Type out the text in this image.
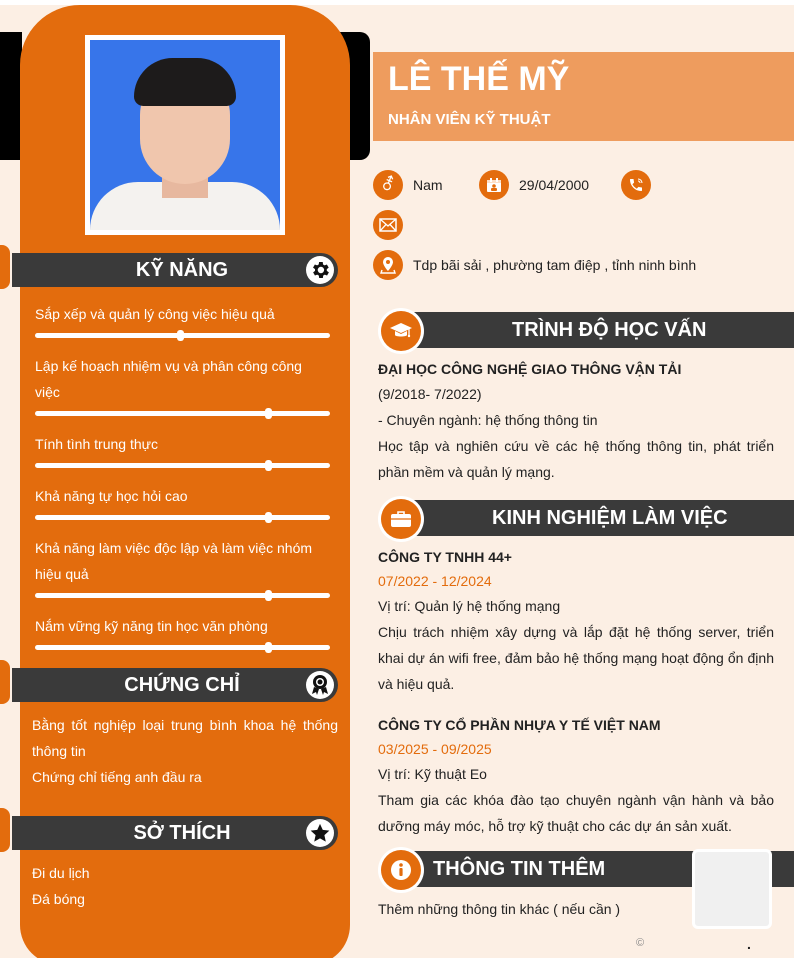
KỸ NĂNG
Sắp xếp và quản lý công việc hiệu quả
Lập kế hoạch nhiệm vụ và phân công công việc
Tính tình trung thực
Khả năng tự học hỏi cao
Khả năng làm việc độc lập và làm việc nhóm hiệu quả
Nắm vững kỹ năng tin học văn phòng
CHỨNG CHỈ
Bằng tốt nghiệp loại trung bình khoa hệ thống thông tin
Chứng chỉ tiếng anh đầu ra
SỞ THÍCH
Đi du lịch
Đá bóng
LÊ THẾ MỸ
NHÂN VIÊN KỸ THUẬT
⚦ Nam	29/04/2000
Tdp bãi sải , phường tam điệp , tỉnh ninh bình
TRÌNH ĐỘ HỌC VẤN
ĐẠI HỌC CÔNG NGHỆ GIAO THÔNG VẬN TẢI
(9/2018- 7/2022)
- Chuyên ngành: hệ thống thông tin
Học tập và nghiên cứu về các hệ thống thông tin, phát triển phần mềm và quản lý mạng.
KINH NGHIỆM LÀM VIỆC
CÔNG TY TNHH 44+
07/2022 - 12/2024
Vị trí: Quản lý hệ thống mạng
Chịu trách nhiệm xây dựng và lắp đặt hệ thống server, triển khai dự án wifi free, đảm bảo hệ thống mạng hoạt động ổn định và hiệu quả.
CÔNG TY CỔ PHẦN NHỰA Y TẾ VIỆT NAM
03/2025 - 09/2025
Vị trí: Kỹ thuật Eo
Tham gia các khóa đào tạo chuyên ngành vận hành và bảo dưỡng máy móc, hỗ trợ kỹ thuật cho các dự án sản xuất.
THÔNG TIN THÊM
Thêm những thông tin khác ( nếu cần )
©	.
